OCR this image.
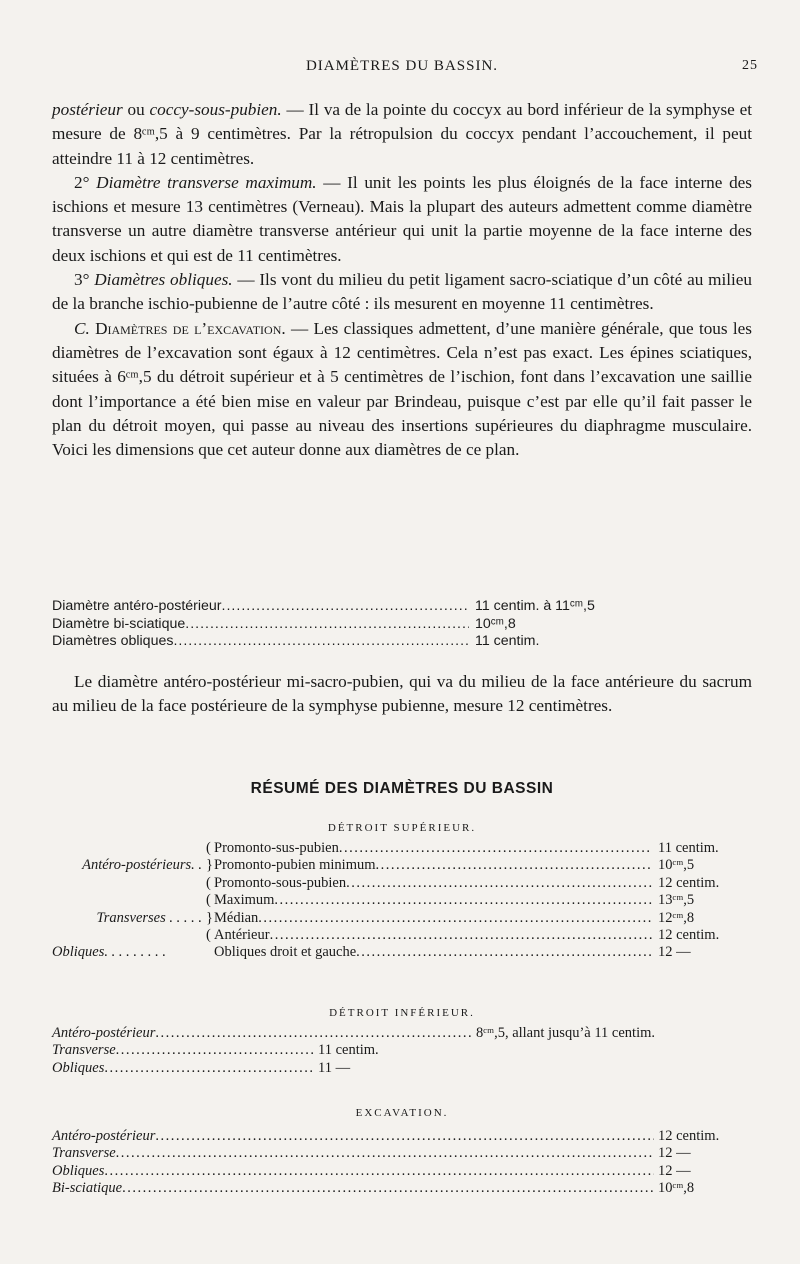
DIAMÈTRES DU BASSIN.	25

postérieur ou coccy-sous-pubien. — Il va de la pointe du coccyx au bord inférieur de la symphyse et mesure de 8ᶜᵐ,5 à 9 centimètres. Par la rétropulsion du coccyx pendant l’accouchement, il peut atteindre 11 à 12 centimètres.

2° Diamètre transverse maximum. — Il unit les points les plus éloignés de la face interne des ischions et mesure 13 centimètres (Verneau). Mais la plupart des auteurs admettent comme diamètre transverse un autre diamètre transverse antérieur qui unit la partie moyenne de la face interne des deux ischions et qui est de 11 centimètres.

3° Diamètres obliques. — Ils vont du milieu du petit ligament sacro-sciatique d’un côté au milieu de la branche ischio-pubienne de l’autre côté : ils mesurent en moyenne 11 centimètres.

C. Diamètres de l’excavation. — Les classiques admettent, d’une manière générale, que tous les diamètres de l’excavation sont égaux à 12 centimètres. Cela n’est pas exact. Les épines sciatiques, situées à 6ᶜᵐ,5 du détroit supérieur et à 5 centimètres de l’ischion, font dans l’excavation une saillie dont l’importance a été bien mise en valeur par Brindeau, puisque c’est par elle qu’il fait passer le plan du détroit moyen, qui passe au niveau des insertions supérieures du diaphragme musculaire. Voici les dimensions que cet auteur donne aux diamètres de ce plan.

Diamètre antéro-postérieur .....	11 centim. à 11ᶜᵐ,5
Diamètre bi-sciatique .....	10ᶜᵐ,8
Diamètres obliques .....	11 centim.
Le diamètre antéro-postérieur mi-sacro-pubien, qui va du milieu de la face antérieure du sacrum au milieu de la face postérieure de la symphyse pubienne, mesure 12 centimètres.
RÉSUMÉ DES DIAMÈTRES DU BASSIN
DÉTROIT SUPÉRIEUR.
( Promonto-sus-pubien .....	11 centim.
Antéro-postérieurs. . } Promonto-pubien minimum .....	10ᶜᵐ,5
( Promonto-sous-pubien .....	12 centim.
( Maximum .....	13ᶜᵐ,5
Transverses . . . . . } Médian .....	12ᶜᵐ,8
( Antérieur .....	12 centim.
Obliques. . . . . . . . .	Obliques droit et gauche .....	12 —
DÉTROIT INFÉRIEUR.
Antéro-postérieur .....	8ᶜᵐ,5, allant jusqu’à 11 centim.
Transverse .....	11 centim.
Obliques .....	11 —
EXCAVATION.
Antéro-postérieur .....	12 centim.
Transverse .....	12 —
Obliques .....	12 —
Bi-sciatique .....	10ᶜᵐ,8
